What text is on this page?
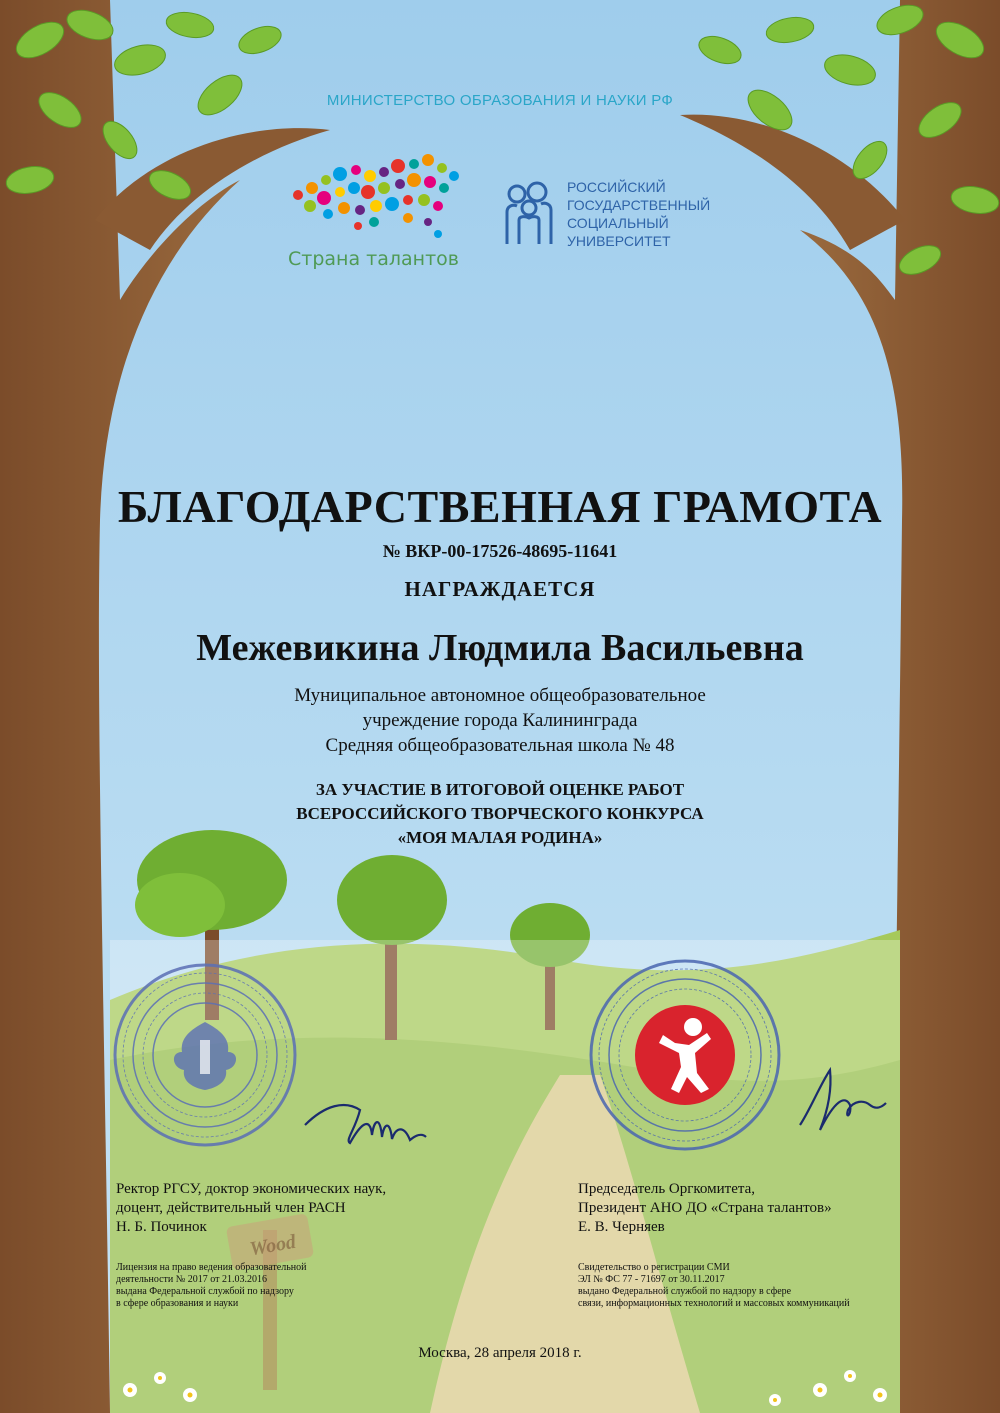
МИНИСТЕРСТВО ОБРАЗОВАНИЯ И НАУКИ РФ
Страна талантов
РОССИЙСКИЙ
ГОСУДАРСТВЕННЫЙ
СОЦИАЛЬНЫЙ
УНИВЕРСИТЕТ
БЛАГОДАРСТВЕННАЯ ГРАМОТА
№ ВКР-00-17526-48695-11641
НАГРАЖДАЕТСЯ
Межевикина Людмила Васильевна
Муниципальное автономное общеобразовательное
учреждение города Калининграда
Средняя общеобразовательная школа № 48
ЗА УЧАСТИЕ В ИТОГОВОЙ ОЦЕНКЕ РАБОТ
ВСЕРОССИЙСКОГО ТВОРЧЕСКОГО КОНКУРСА
«МОЯ МАЛАЯ РОДИНА»
Ректор РГСУ, доктор экономических наук,
доцент, действительный член РАСН
Н. Б. Починок
Председатель Оргкомитета,
Президент АНО ДО «Страна талантов»
Е. В. Черняев
Wood
Лицензия на право ведения образовательной
деятельности № 2017 от 21.03.2016
выдана Федеральной службой по надзору
в сфере образования и науки
Свидетельство о регистрации СМИ
ЭЛ № ФС 77 - 71697 от 30.11.2017
выдано Федеральной службой по надзору в сфере
связи, информационных технологий и массовых коммуникаций
Москва, 28 апреля 2018 г.
